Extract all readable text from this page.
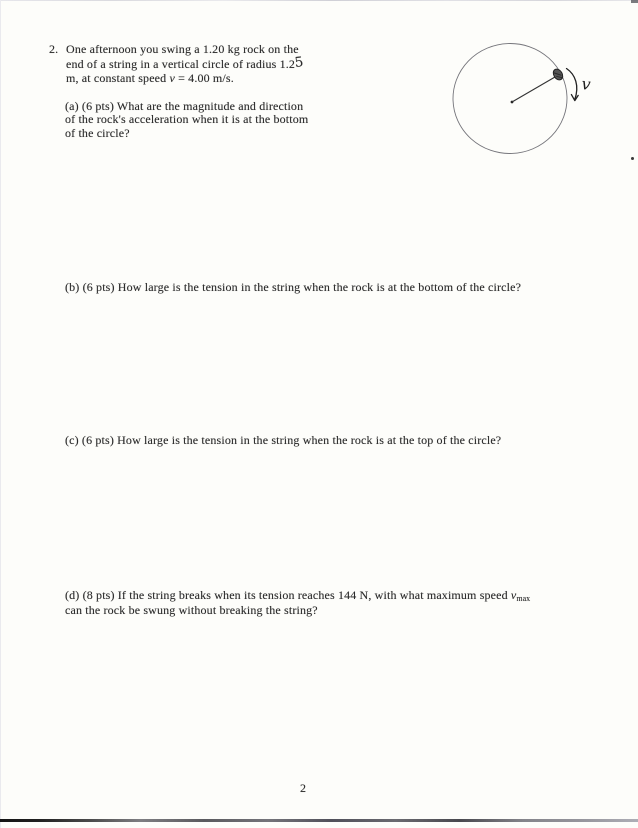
2. One afternoon you swing a 1.20 kg rock on the
end of a string in a vertical circle of radius 1.25
m, at constant speed v = 4.00 m/s.
(a) (6 pts) What are the magnitude and direction
of the rock's acceleration when it is at the bottom
of the circle?
v
(b) (6 pts) How large is the tension in the string when the rock is at the bottom of the circle?
(c) (6 pts) How large is the tension in the string when the rock is at the top of the circle?
(d) (8 pts) If the string breaks when its tension reaches 144 N, with what maximum speed $v_{max}$
can the rock be swung without breaking the string?
2
